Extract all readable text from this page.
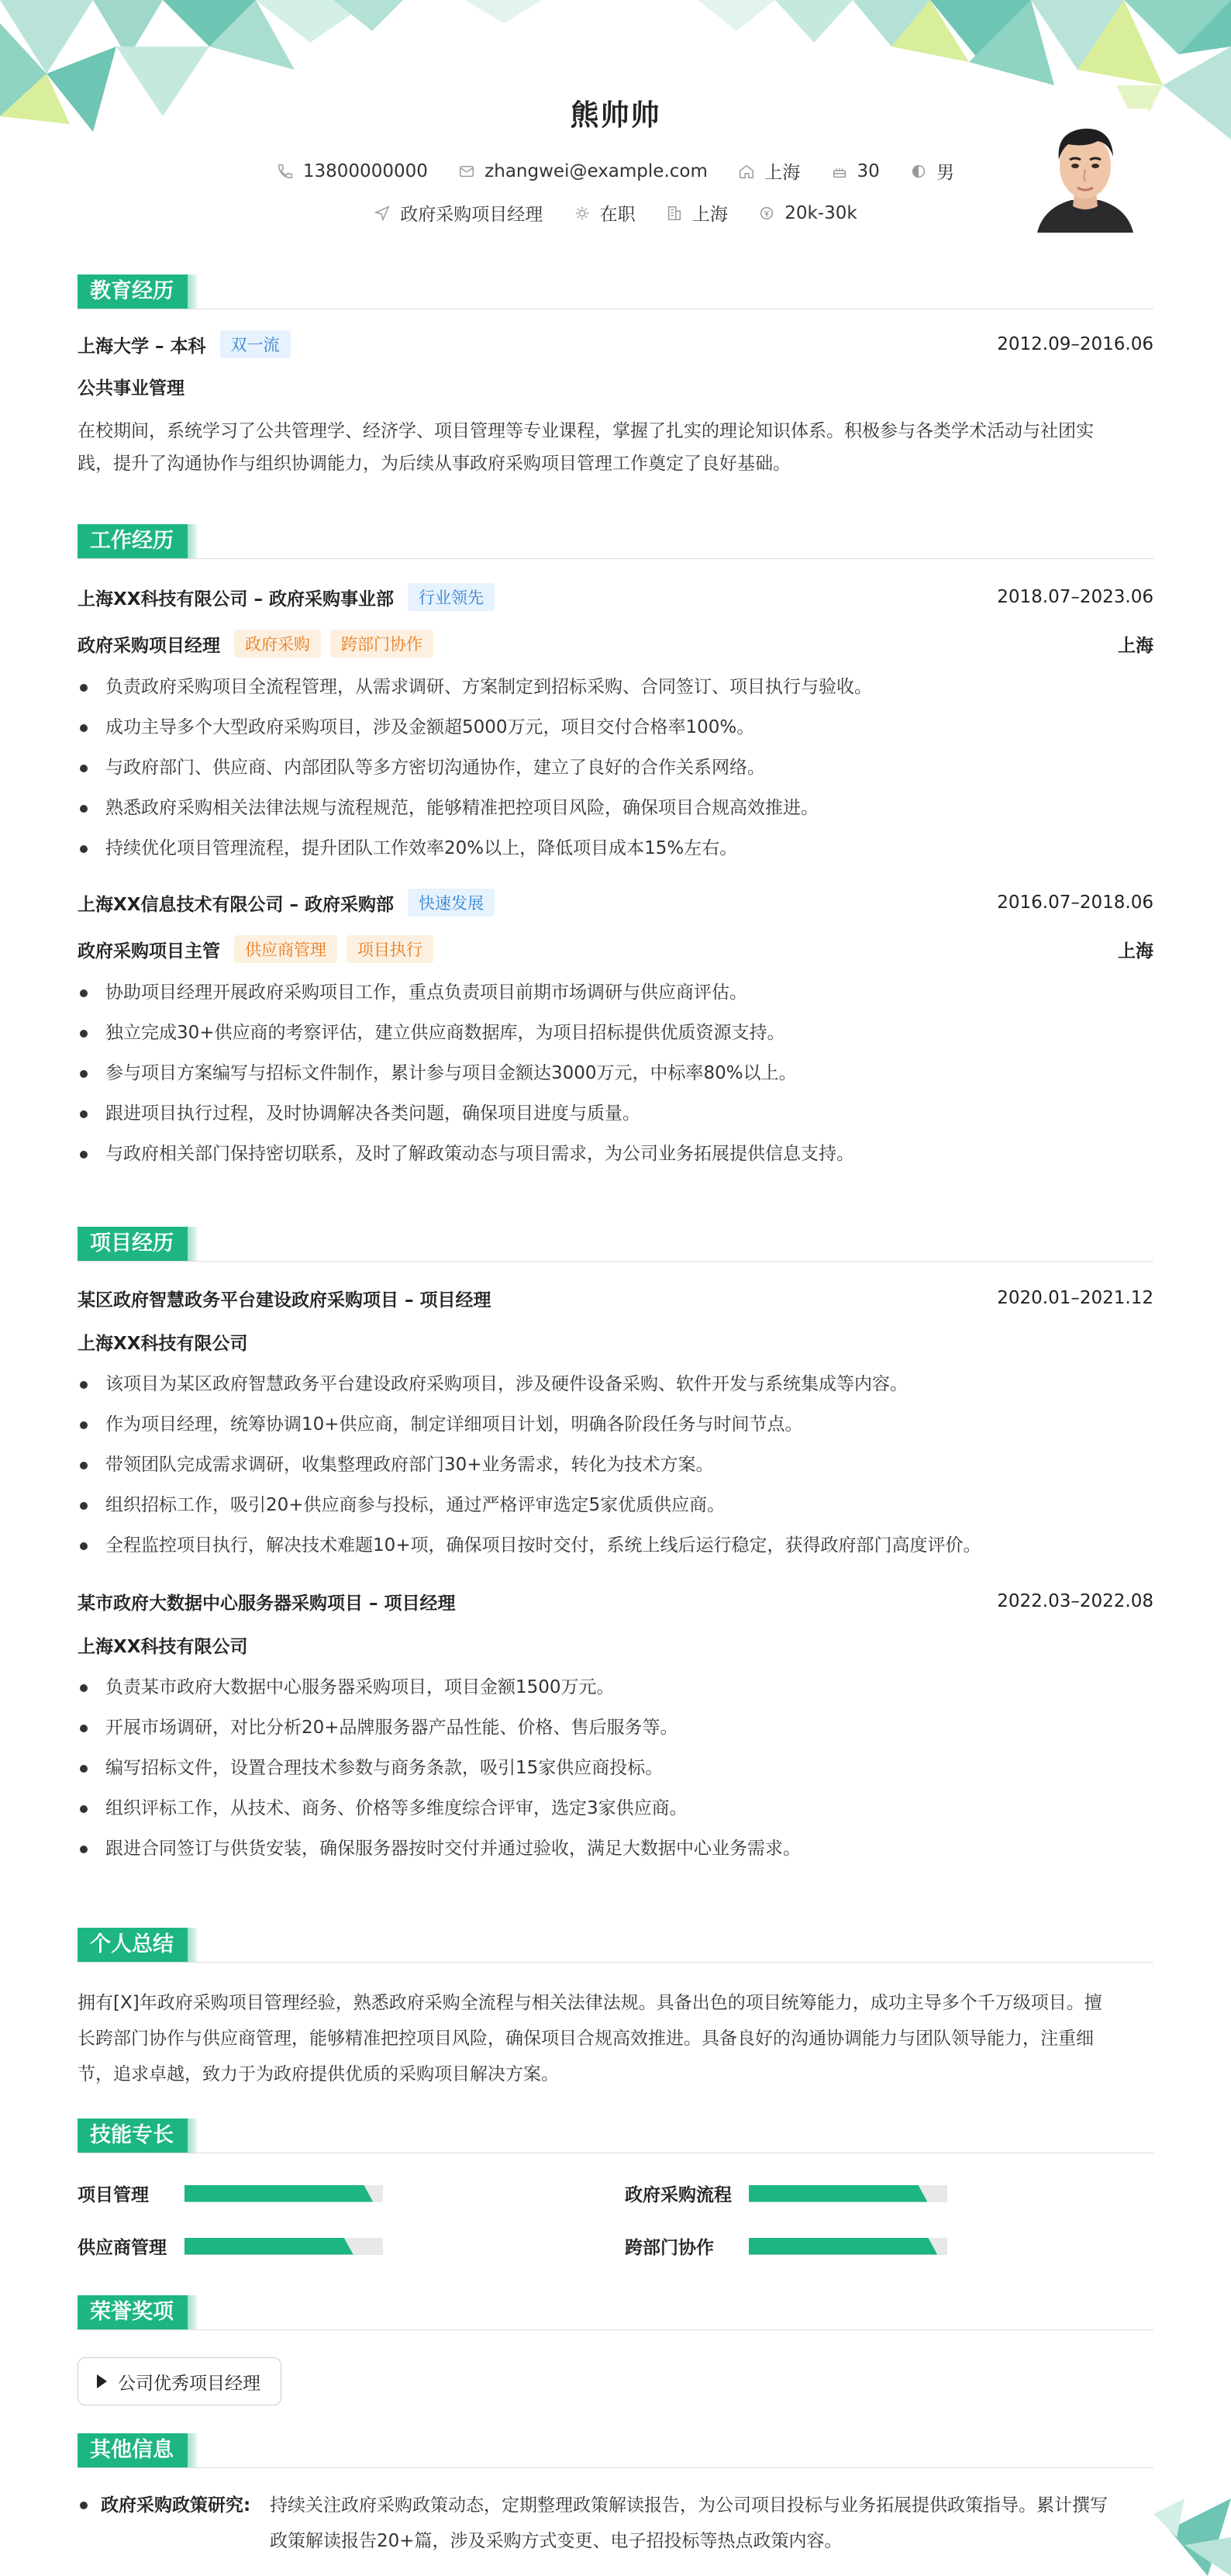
熊帅帅
13800000000
	zhangwei@example.com
	上海
	30
	男
政府采购项目经理
	在职
	上海
	20k-30k
教育经历
上海大学 – 本科	双一流	2012.09–2016.06
公共事业管理
在校期间，系统学习了公共管理学、经济学、项目管理等专业课程，掌握了扎实的理论知识体系。积极参与各类学术活动与社团实
践，提升了沟通协作与组织协调能力，为后续从事政府采购项目管理工作奠定了良好基础。
工作经历
上海XX科技有限公司 – 政府采购事业部	行业领先	2018.07–2023.06
政府采购项目经理	政府采购	跨部门协作	上海
负责政府采购项目全流程管理，从需求调研、方案制定到招标采购、合同签订、项目执行与验收。
成功主导多个大型政府采购项目，涉及金额超5000万元，项目交付合格率100%。
与政府部门、供应商、内部团队等多方密切沟通协作，建立了良好的合作关系网络。
熟悉政府采购相关法律法规与流程规范，能够精准把控项目风险，确保项目合规高效推进。
持续优化项目管理流程，提升团队工作效率20%以上，降低项目成本15%左右。
上海XX信息技术有限公司 – 政府采购部	快速发展	2016.07–2018.06
政府采购项目主管	供应商管理	项目执行	上海
协助项目经理开展政府采购项目工作，重点负责项目前期市场调研与供应商评估。
独立完成30+供应商的考察评估，建立供应商数据库，为项目招标提供优质资源支持。
参与项目方案编写与招标文件制作，累计参与项目金额达3000万元，中标率80%以上。
跟进项目执行过程，及时协调解决各类问题，确保项目进度与质量。
与政府相关部门保持密切联系，及时了解政策动态与项目需求，为公司业务拓展提供信息支持。
项目经历
某区政府智慧政务平台建设政府采购项目 – 项目经理	2020.01–2021.12
上海XX科技有限公司
该项目为某区政府智慧政务平台建设政府采购项目，涉及硬件设备采购、软件开发与系统集成等内容。
作为项目经理，统筹协调10+供应商，制定详细项目计划，明确各阶段任务与时间节点。
带领团队完成需求调研，收集整理政府部门30+业务需求，转化为技术方案。
组织招标工作，吸引20+供应商参与投标，通过严格评审选定5家优质供应商。
全程监控项目执行，解决技术难题10+项，确保项目按时交付，系统上线后运行稳定，获得政府部门高度评价。
某市政府大数据中心服务器采购项目 – 项目经理	2022.03–2022.08
上海XX科技有限公司
负责某市政府大数据中心服务器采购项目，项目金额1500万元。
开展市场调研，对比分析20+品牌服务器产品性能、价格、售后服务等。
编写招标文件，设置合理技术参数与商务条款，吸引15家供应商投标。
组织评标工作，从技术、商务、价格等多维度综合评审，选定3家供应商。
跟进合同签订与供货安装，确保服务器按时交付并通过验收，满足大数据中心业务需求。
个人总结
拥有[X]年政府采购项目管理经验，熟悉政府采购全流程与相关法律法规。具备出色的项目统筹能力，成功主导多个千万级项目。擅
长跨部门协作与供应商管理，能够精准把控项目风险，确保项目合规高效推进。具备良好的沟通协调能力与团队领导能力，注重细
节，追求卓越，致力于为政府提供优质的采购项目解决方案。
技能专长
项目管理	政府采购流程
供应商管理	跨部门协作
荣誉奖项
公司优秀项目经理
其他信息
政府采购政策研究: 持续关注政府采购政策动态，定期整理政策解读报告，为公司项目投标与业务拓展提供政策指导。累计撰写
政策解读报告20+篇，涉及采购方式变更、电子招投标等热点政策内容。
